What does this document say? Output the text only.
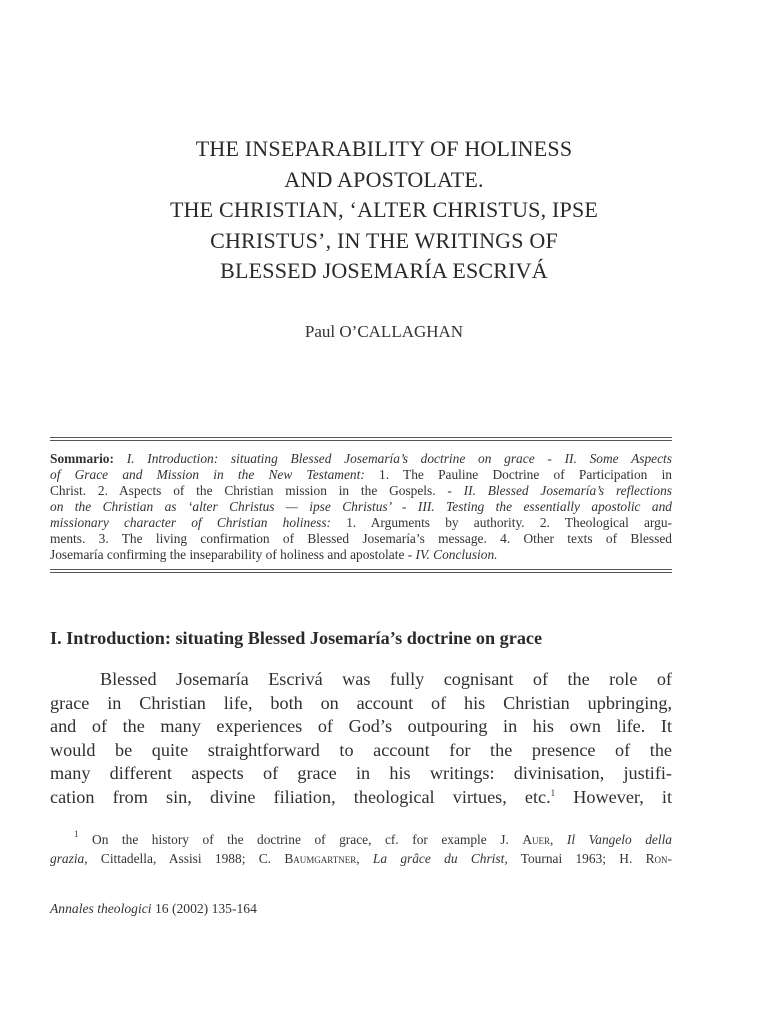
THE INSEPARABILITY OF HOLINESS
AND APOSTOLATE.
THE CHRISTIAN, ‘ALTER CHRISTUS, IPSE
CHRISTUS’, IN THE WRITINGS OF
BLESSED JOSEMARÍA ESCRIVÁ
Paul O’CALLAGHAN
Sommario: I. Introduction: situating Blessed Josemaría’s doctrine on grace - II. Some Aspects
of Grace and Mission in the New Testament: 1. The Pauline Doctrine of Participation in
Christ. 2. Aspects of the Christian mission in the Gospels. - II. Blessed Josemaría’s reflections
on the Christian as ‘alter Christus — ipse Christus’ - III. Testing the essentially apostolic and
missionary character of Christian holiness: 1. Arguments by authority. 2. Theological argu-
ments. 3. The living confirmation of Blessed Josemaría’s message. 4. Other texts of Blessed
Josemaría confirming the inseparability of holiness and apostolate - IV. Conclusion.
I. Introduction: situating Blessed Josemaría’s doctrine on grace
Blessed Josemaría Escrivá was fully cognisant of the role of
grace in Christian life, both on account of his Christian upbringing,
and of the many experiences of God’s outpouring in his own life. It
would be quite straightforward to account for the presence of the
many different aspects of grace in his writings: divinisation, justifi-
cation from sin, divine filiation, theological virtues, etc.$^1$ However, it
$^1$ On the history of the doctrine of grace, cf. for example J. Auer, Il Vangelo della
grazia, Cittadella, Assisi 1988; C. Baumgartner, La grâce du Christ, Tournai 1963; H. Ron-
Annales theologici 16 (2002) 135-164
